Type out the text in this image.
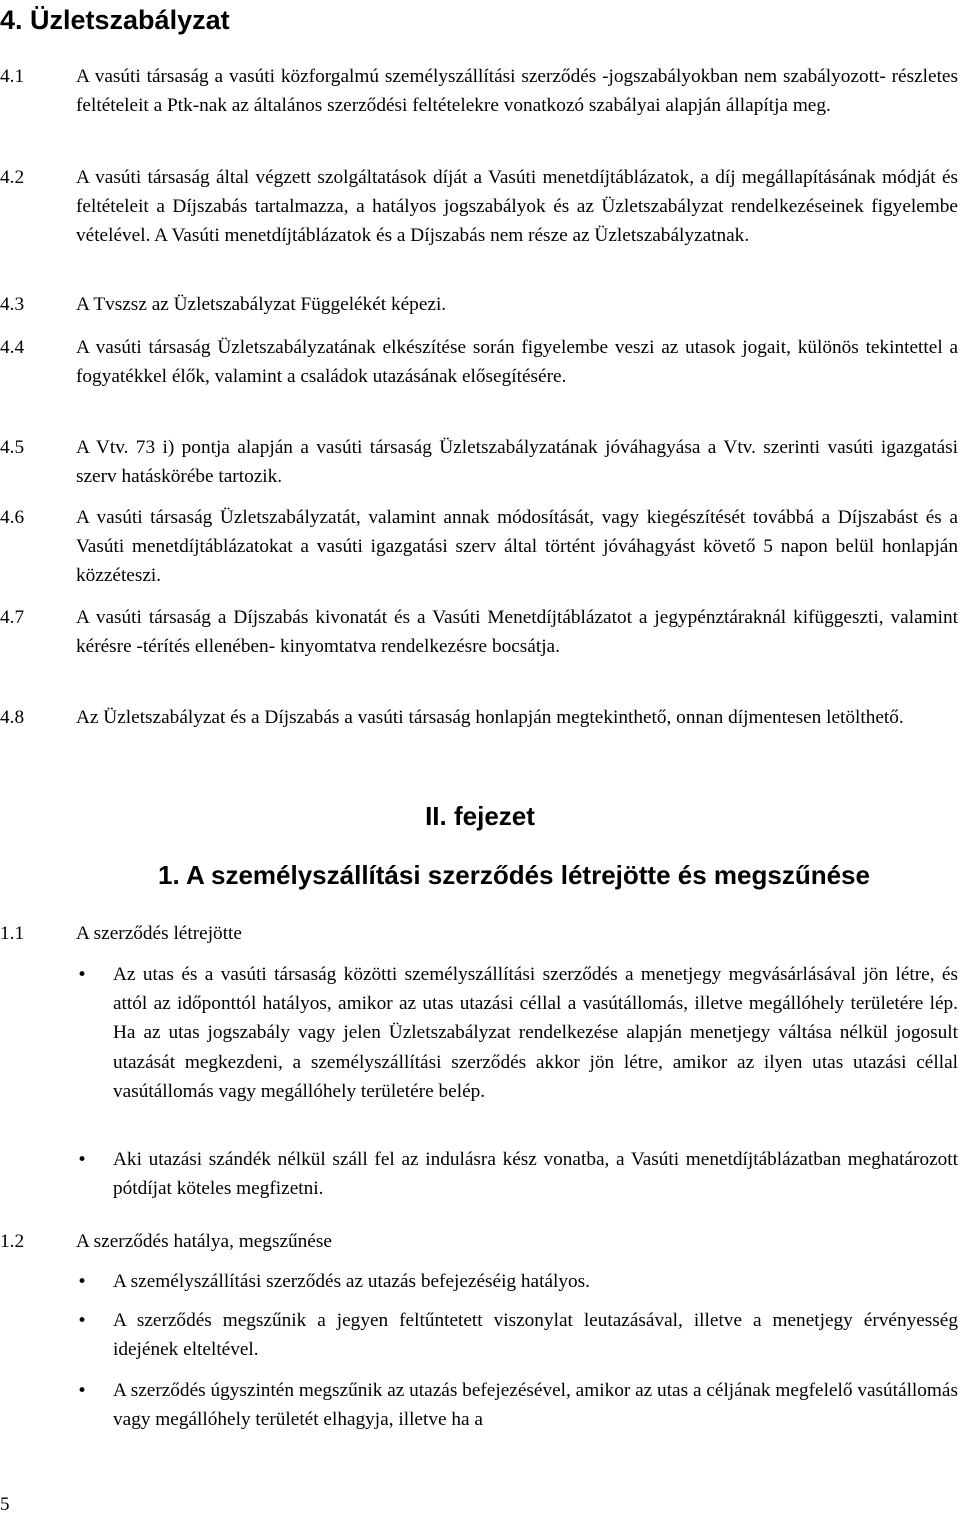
4. Üzletszabályzat
4.1	A vasúti társaság a vasúti közforgalmú személyszállítási szerződés -jogszabályokban nem szabályozott- részletes feltételeit a Ptk-nak az általános szerződési feltételekre vonatkozó szabályai alapján állapítja meg.
4.2	A vasúti társaság által végzett szolgáltatások díját a Vasúti menetdíjtáblázatok, a díj megállapításának módját és feltételeit a Díjszabás tartalmazza, a hatályos jogszabályok és az Üzletszabályzat rendelkezéseinek figyelembe vételével. A Vasúti menetdíjtáblázatok és a Díjszabás nem része az Üzletszabályzatnak.
4.3	A Tvszsz az Üzletszabályzat Függelékét képezi.
4.4	A vasúti társaság Üzletszabályzatának elkészítése során figyelembe veszi az utasok jogait, különös tekintettel a fogyatékkel élők, valamint a családok utazásának elősegítésére.
4.5	A Vtv. 73 i) pontja alapján a vasúti társaság Üzletszabályzatának jóváhagyása a Vtv. szerinti vasúti igazgatási szerv hatáskörébe tartozik.
4.6	A vasúti társaság Üzletszabályzatát, valamint annak módosítását, vagy kiegészítését továbbá a Díjszabást és a Vasúti menetdíjtáblázatokat a vasúti igazgatási szerv által történt jóváhagyást követő 5 napon belül honlapján közzéteszi.
4.7	A vasúti társaság a Díjszabás kivonatát és a Vasúti Menetdíjtáblázatot a jegypénztáraknál kifüggeszti, valamint kérésre -térítés ellenében- kinyomtatva rendelkezésre bocsátja.
4.8	Az Üzletszabályzat és a Díjszabás a vasúti társaság honlapján megtekinthető, onnan díjmentesen letölthető.
II. fejezet
1. A személyszállítási szerződés létrejötte és megszűnése
1.1	A szerződés létrejötte
• Az utas és a vasúti társaság közötti személyszállítási szerződés a menetjegy megvásárlásával jön létre, és attól az időponttól hatályos, amikor az utas utazási céllal a vasútállomás, illetve megállóhely területére lép. Ha az utas jogszabály vagy jelen Üzletszabályzat rendelkezése alapján menetjegy váltása nélkül jogosult utazását megkezdeni, a személyszállítási szerződés akkor jön létre, amikor az ilyen utas utazási céllal vasútállomás vagy megállóhely területére belép.
• Aki utazási szándék nélkül száll fel az indulásra kész vonatba, a Vasúti menetdíjtáblázatban meghatározott pótdíjat köteles megfizetni.
1.2	A szerződés hatálya, megszűnése
• A személyszállítási szerződés az utazás befejezéséig hatályos.
• A szerződés megszűnik a jegyen feltűntetett viszonylat leutazásával, illetve a menetjegy érvényesség idejének elteltével.
• A szerződés úgyszintén megszűnik az utazás befejezésével, amikor az utas a céljának megfelelő vasútállomás vagy megállóhely területét elhagyja, illetve ha a
5
